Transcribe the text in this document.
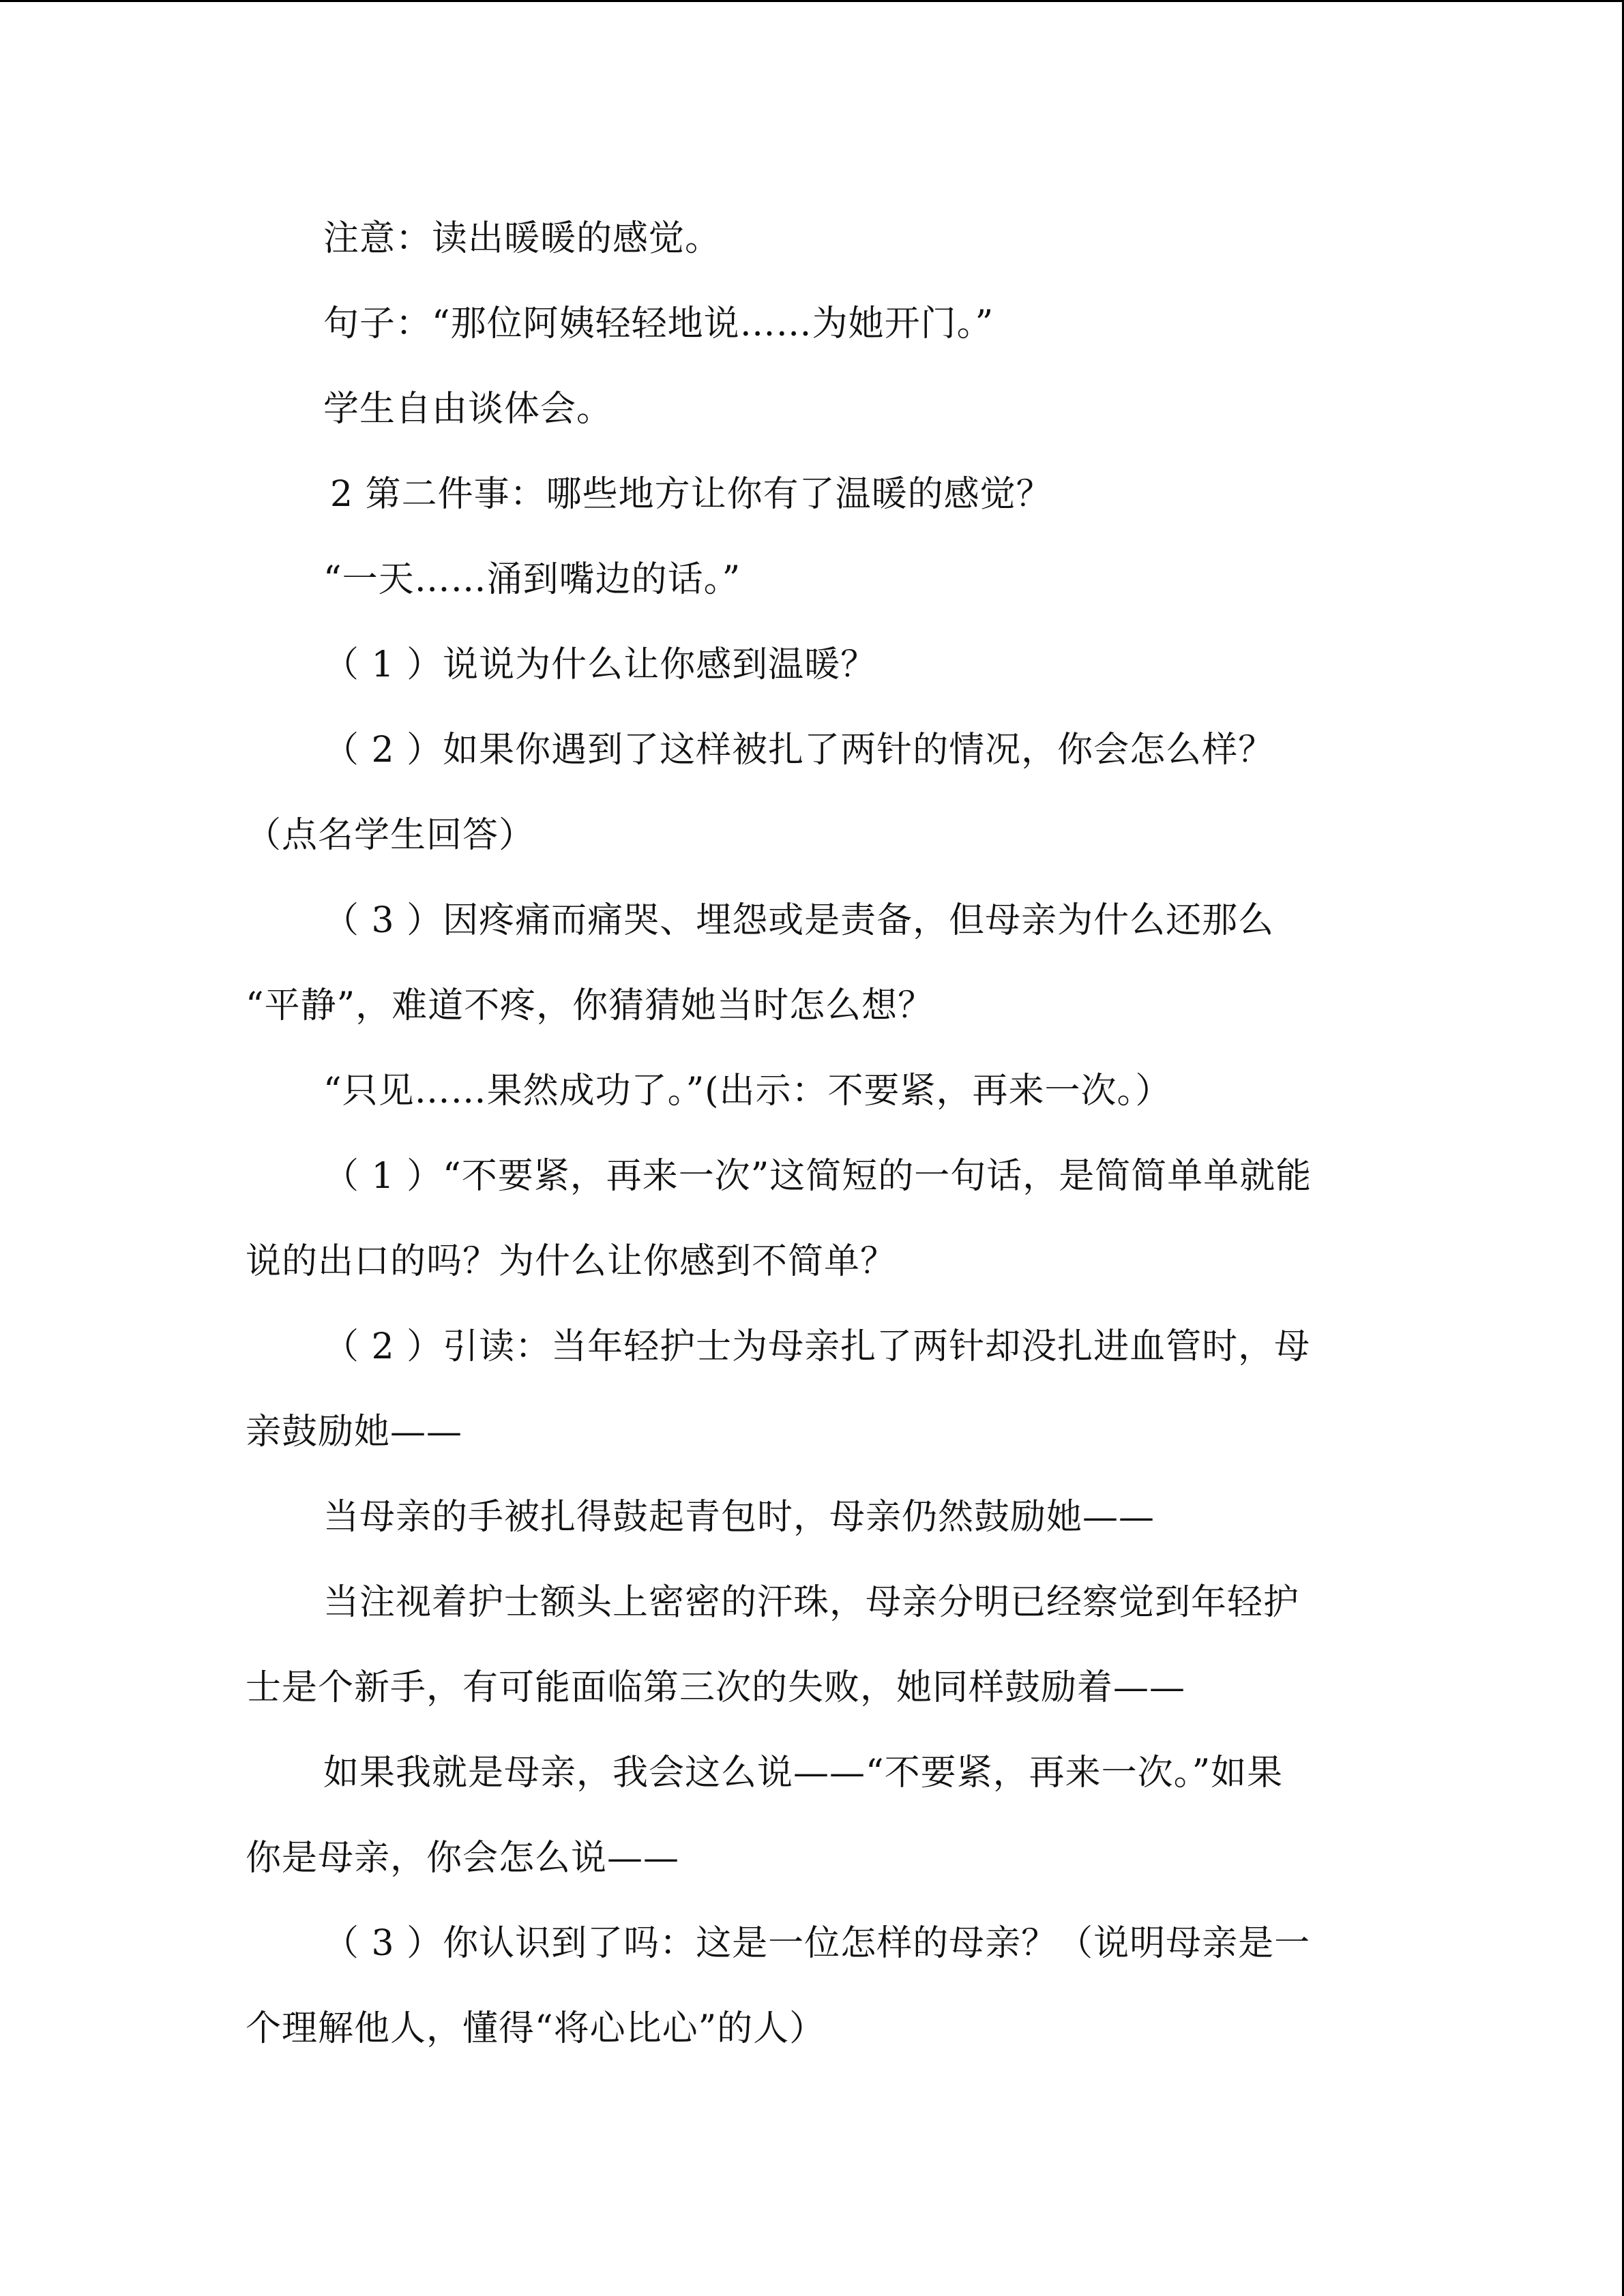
注意：读出暖暖的感觉。
句子：“那位阿姨轻轻地说……为她开门。”
学生自由谈体会。
2 第二件事：哪些地方让你有了温暖的感觉？
“一天……涌到嘴边的话。”
（ 1 ）说说为什么让你感到温暖？
（ 2 ）如果你遇到了这样被扎了两针的情况，你会怎么样？
（点名学生回答）
（ 3 ）因疼痛而痛哭、埋怨或是责备，但母亲为什么还那么
“平静”，难道不疼，你猜猜她当时怎么想？
“只见……果然成功了。”(出示：不要紧，再来一次。）
（ 1 ）“不要紧，再来一次”这简短的一句话，是简简单单就能
说的出口的吗？为什么让你感到不简单？
（ 2 ）引读：当年轻护士为母亲扎了两针却没扎进血管时，母
亲鼓励她——
当母亲的手被扎得鼓起青包时，母亲仍然鼓励她——
当注视着护士额头上密密的汗珠，母亲分明已经察觉到年轻护
士是个新手，有可能面临第三次的失败，她同样鼓励着——
如果我就是母亲，我会这么说——“不要紧，再来一次。”如果
你是母亲，你会怎么说——
（ 3 ）你认识到了吗：这是一位怎样的母亲？（说明母亲是一
个理解他人，懂得“将心比心”的人）
